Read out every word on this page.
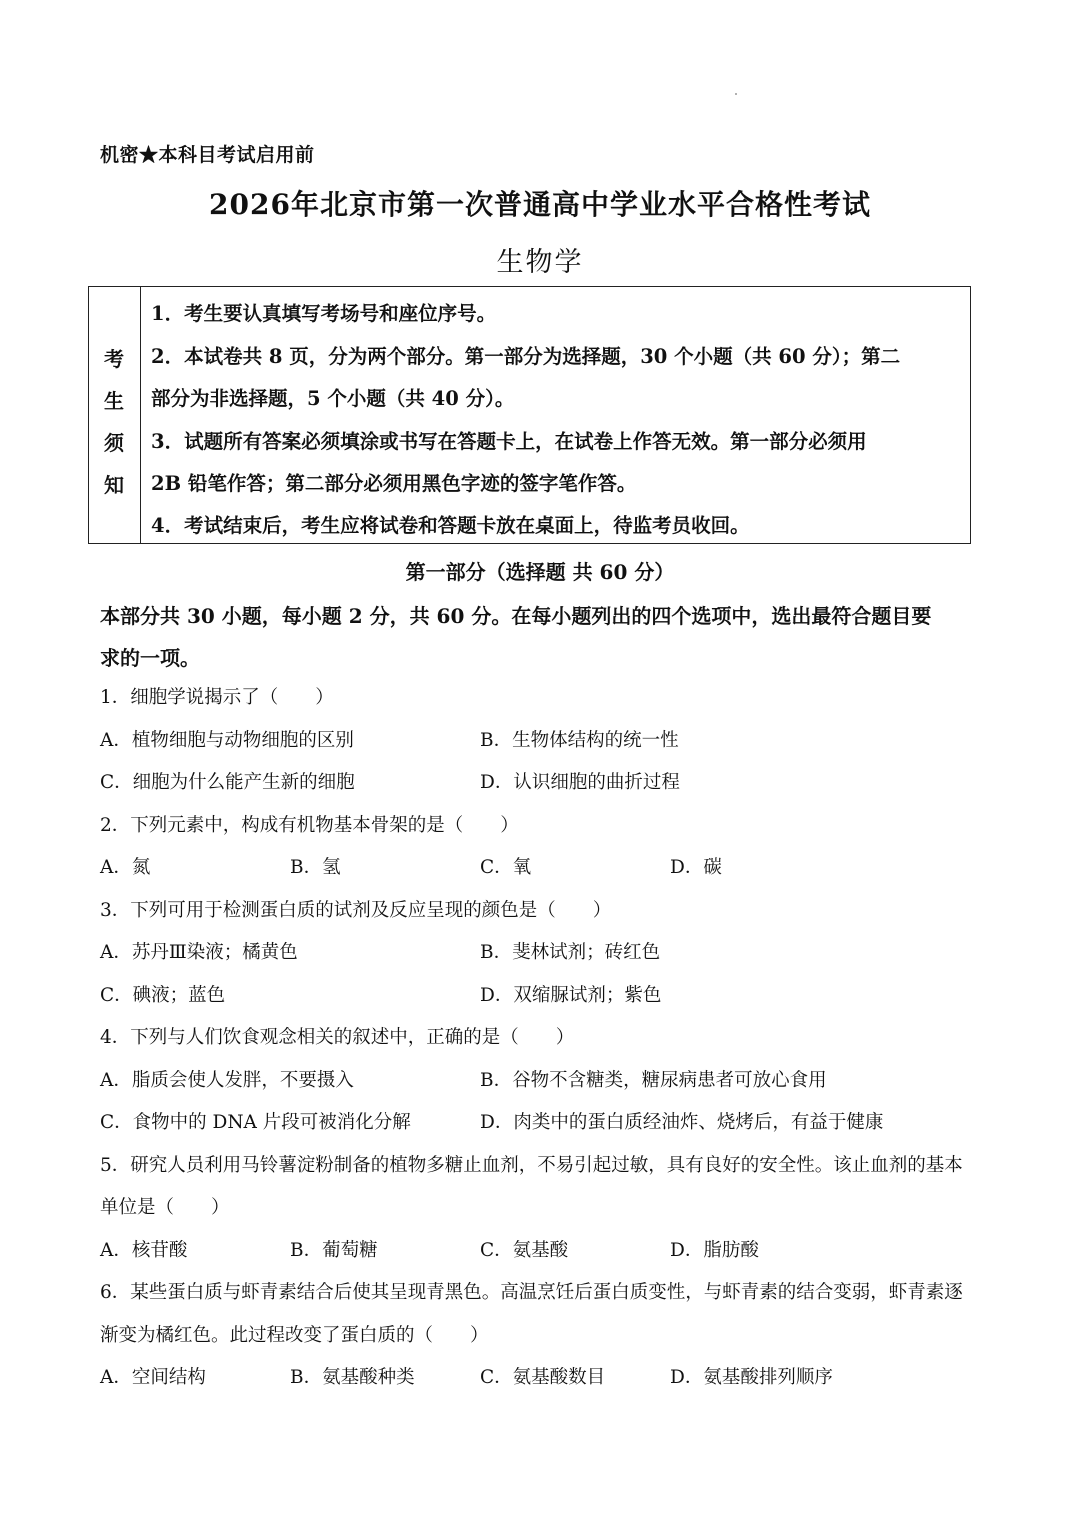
机密★本科目考试启用前
2026年北京市第一次普通高中学业水平合格性考试
生物学
考
生
须
知
1．考生要认真填写考场号和座位序号。
2．本试卷共 8 页，分为两个部分。第一部分为选择题，30 个小题（共 60 分）；第二
部分为非选择题，5 个小题（共 40 分）。
3．试题所有答案必须填涂或书写在答题卡上，在试卷上作答无效。第一部分必须用
2B 铅笔作答；第二部分必须用黑色字迹的签字笔作答。
4．考试结束后，考生应将试卷和答题卡放在桌面上，待监考员收回。
第一部分（选择题 共 60 分）
本部分共 30 小题，每小题 2 分，共 60 分。在每小题列出的四个选项中，选出最符合题目要
求的一项。
1．细胞学说揭示了（　　）
A．植物细胞与动物细胞的区别	B．生物体结构的统一性
C．细胞为什么能产生新的细胞	D．认识细胞的曲折过程
2．下列元素中，构成有机物基本骨架的是（　　）
A．氮	B．氢	C．氧	D．碳
3．下列可用于检测蛋白质的试剂及反应呈现的颜色是（　　）
A．苏丹Ⅲ染液；橘黄色	B．斐林试剂；砖红色
C．碘液；蓝色	D．双缩脲试剂；紫色
4．下列与人们饮食观念相关的叙述中，正确的是（　　）
A．脂质会使人发胖，不要摄入	B．谷物不含糖类，糖尿病患者可放心食用
C．食物中的 DNA 片段可被消化分解	D．肉类中的蛋白质经油炸、烧烤后，有益于健康
5．研究人员利用马铃薯淀粉制备的植物多糖止血剂，不易引起过敏，具有良好的安全性。该止血剂的基本
单位是（　　）
A．核苷酸	B．葡萄糖	C．氨基酸	D．脂肪酸
6．某些蛋白质与虾青素结合后使其呈现青黑色。高温烹饪后蛋白质变性，与虾青素的结合变弱，虾青素逐
渐变为橘红色。此过程改变了蛋白质的（　　）
A．空间结构	B．氨基酸种类	C．氨基酸数目	D．氨基酸排列顺序
